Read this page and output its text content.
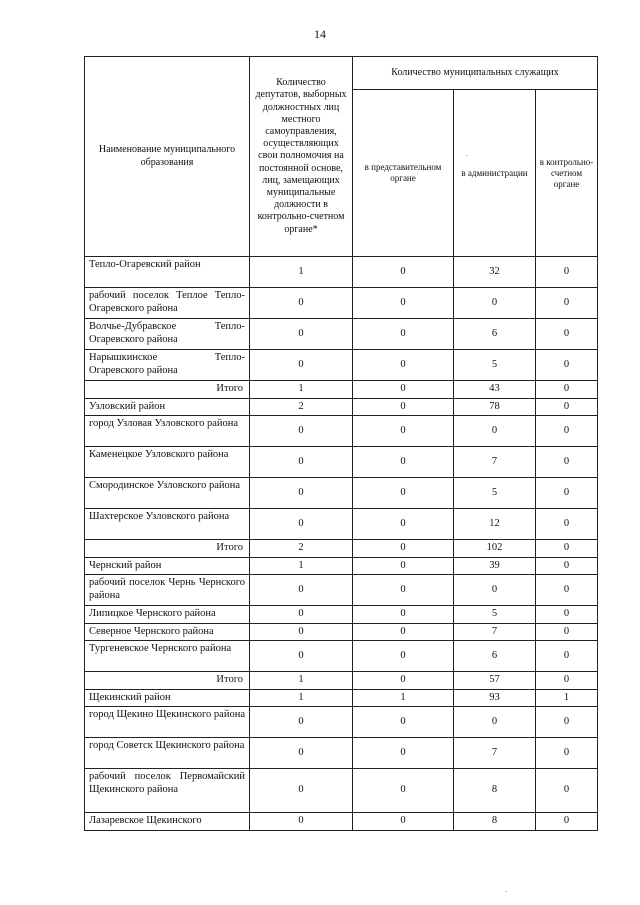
14
Наименование муниципального образования	Количество депутатов, выборных должностных лиц местного самоуправления, осуществляющих свои полномочия на постоянной основе, лиц, замещающих муниципальные должности в контрольно-счетном органе*	Количество муниципальных служащих		
		в представительном органе	в администрации	в контрольно-счетном органе
Тепло-Огаревский район	1	0	32	0
рабочий поселок Теплое Тепло-Огаревского района	0	0	0	0
Волчье-Дубравское Тепло-Огаревского района	0	0	6	0
Нарышкинское Тепло-Огаревского района	0	0	5	0
Итого	1	0	43	0
Узловский район	2	0	78	0
город Узловая Узловского района	0	0	0	0
Каменецкое Узловского района	0	0	7	0
Смородинское Узловского района	0	0	5	0
Шахтерское Узловского района	0	0	12	0
Итого	2	0	102	0
Чернский район	1	0	39	0
рабочий поселок Чернь Чернского района	0	0	0	0
Липицкое Чернского района	0	0	5	0
Северное Чернского района	0	0	7	0
Тургеневское Чернского района	0	0	6	0
Итого	1	0	57	0
Щекинский район	1	1	93	1
город Щекино Щекинского района	0	0	0	0
город Советск Щекинского района	0	0	7	0
рабочий поселок Первомайский Щекинского района	0	0	8	0
Лазаревское Щекинского	0	0	8	0
.
.
